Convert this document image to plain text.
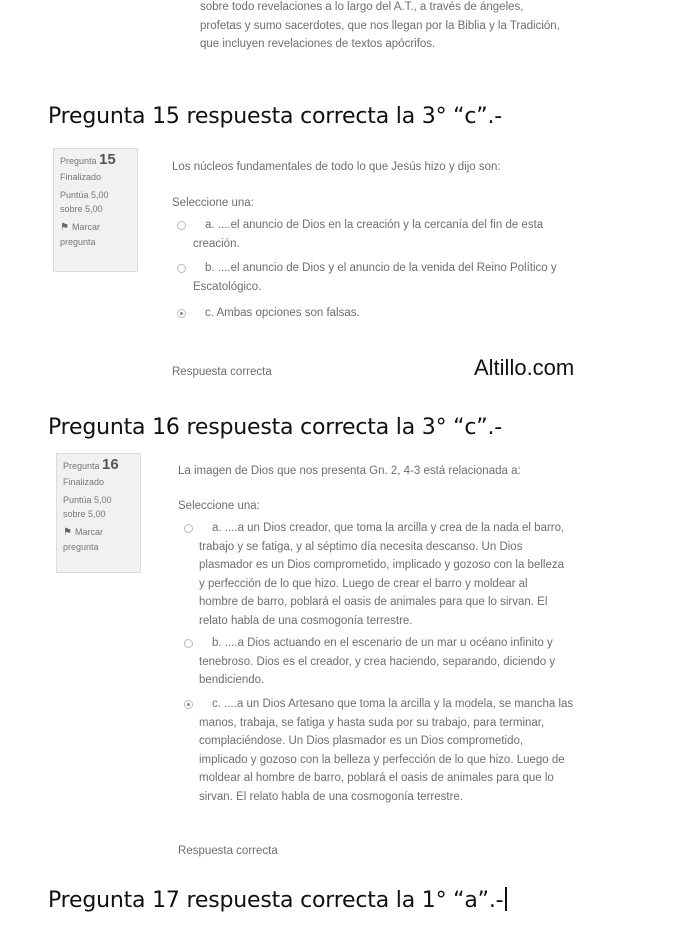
sobre todo revelaciones a lo largo del A.T., a través de ángeles,
profetas y sumo sacerdotes, que nos llegan por la Biblia y la Tradición,
que incluyen revelaciones de textos apócrifos.
Pregunta 15 respuesta correcta la 3° “c”.-
Pregunta 15
Finalizado
Puntúa 5,00
sobre 5,00
⚑ Marcar
pregunta
Los núcleos fundamentales de todo lo que Jesús hizo y dijo son:
Seleccione una:
a. ....el anuncio de Dios en la creación y la cercanía del fin de esta
creación.
b. ....el anuncio de Dios y el anuncio de la venida del Reino Político y
Escatológico.
c. Ambas opciones son falsas.
Respuesta correcta	Altillo.com
Pregunta 16 respuesta correcta la 3° “c”.-
Pregunta 16
Finalizado
Puntúa 5,00
sobre 5,00
⚑ Marcar
pregunta
La imagen de Dios que nos presenta Gn. 2, 4-3 está relacionada a:
Seleccione una:
a. ....a un Dios creador, que toma la arcilla y crea de la nada el barro,
trabajo y se fatiga, y al séptimo día necesita descanso. Un Dios
plasmador es un Dios comprometido, implicado y gozoso con la belleza
y perfección de lo que hizo. Luego de crear el barro y moldear al
hombre de barro, poblará el oasis de animales para que lo sirvan. El
relato habla de una cosmogonía terrestre.
b. ....a Dios actuando en el escenario de un mar u océano infinito y
tenebroso. Dios es el creador, y crea haciendo, separando, diciendo y
bendiciendo.
c. ....a un Dios Artesano que toma la arcilla y la modela, se mancha las
manos, trabaja, se fatiga y hasta suda por su trabajo, para terminar,
complaciéndose. Un Dios plasmador es un Dios comprometido,
implicado y gozoso con la belleza y perfección de lo que hizo. Luego de
moldear al hombre de barro, poblará el oasis de animales para que lo
sirvan. El relato habla de una cosmogonía terrestre.
Respuesta correcta
Pregunta 17 respuesta correcta la 1° “a”.-
